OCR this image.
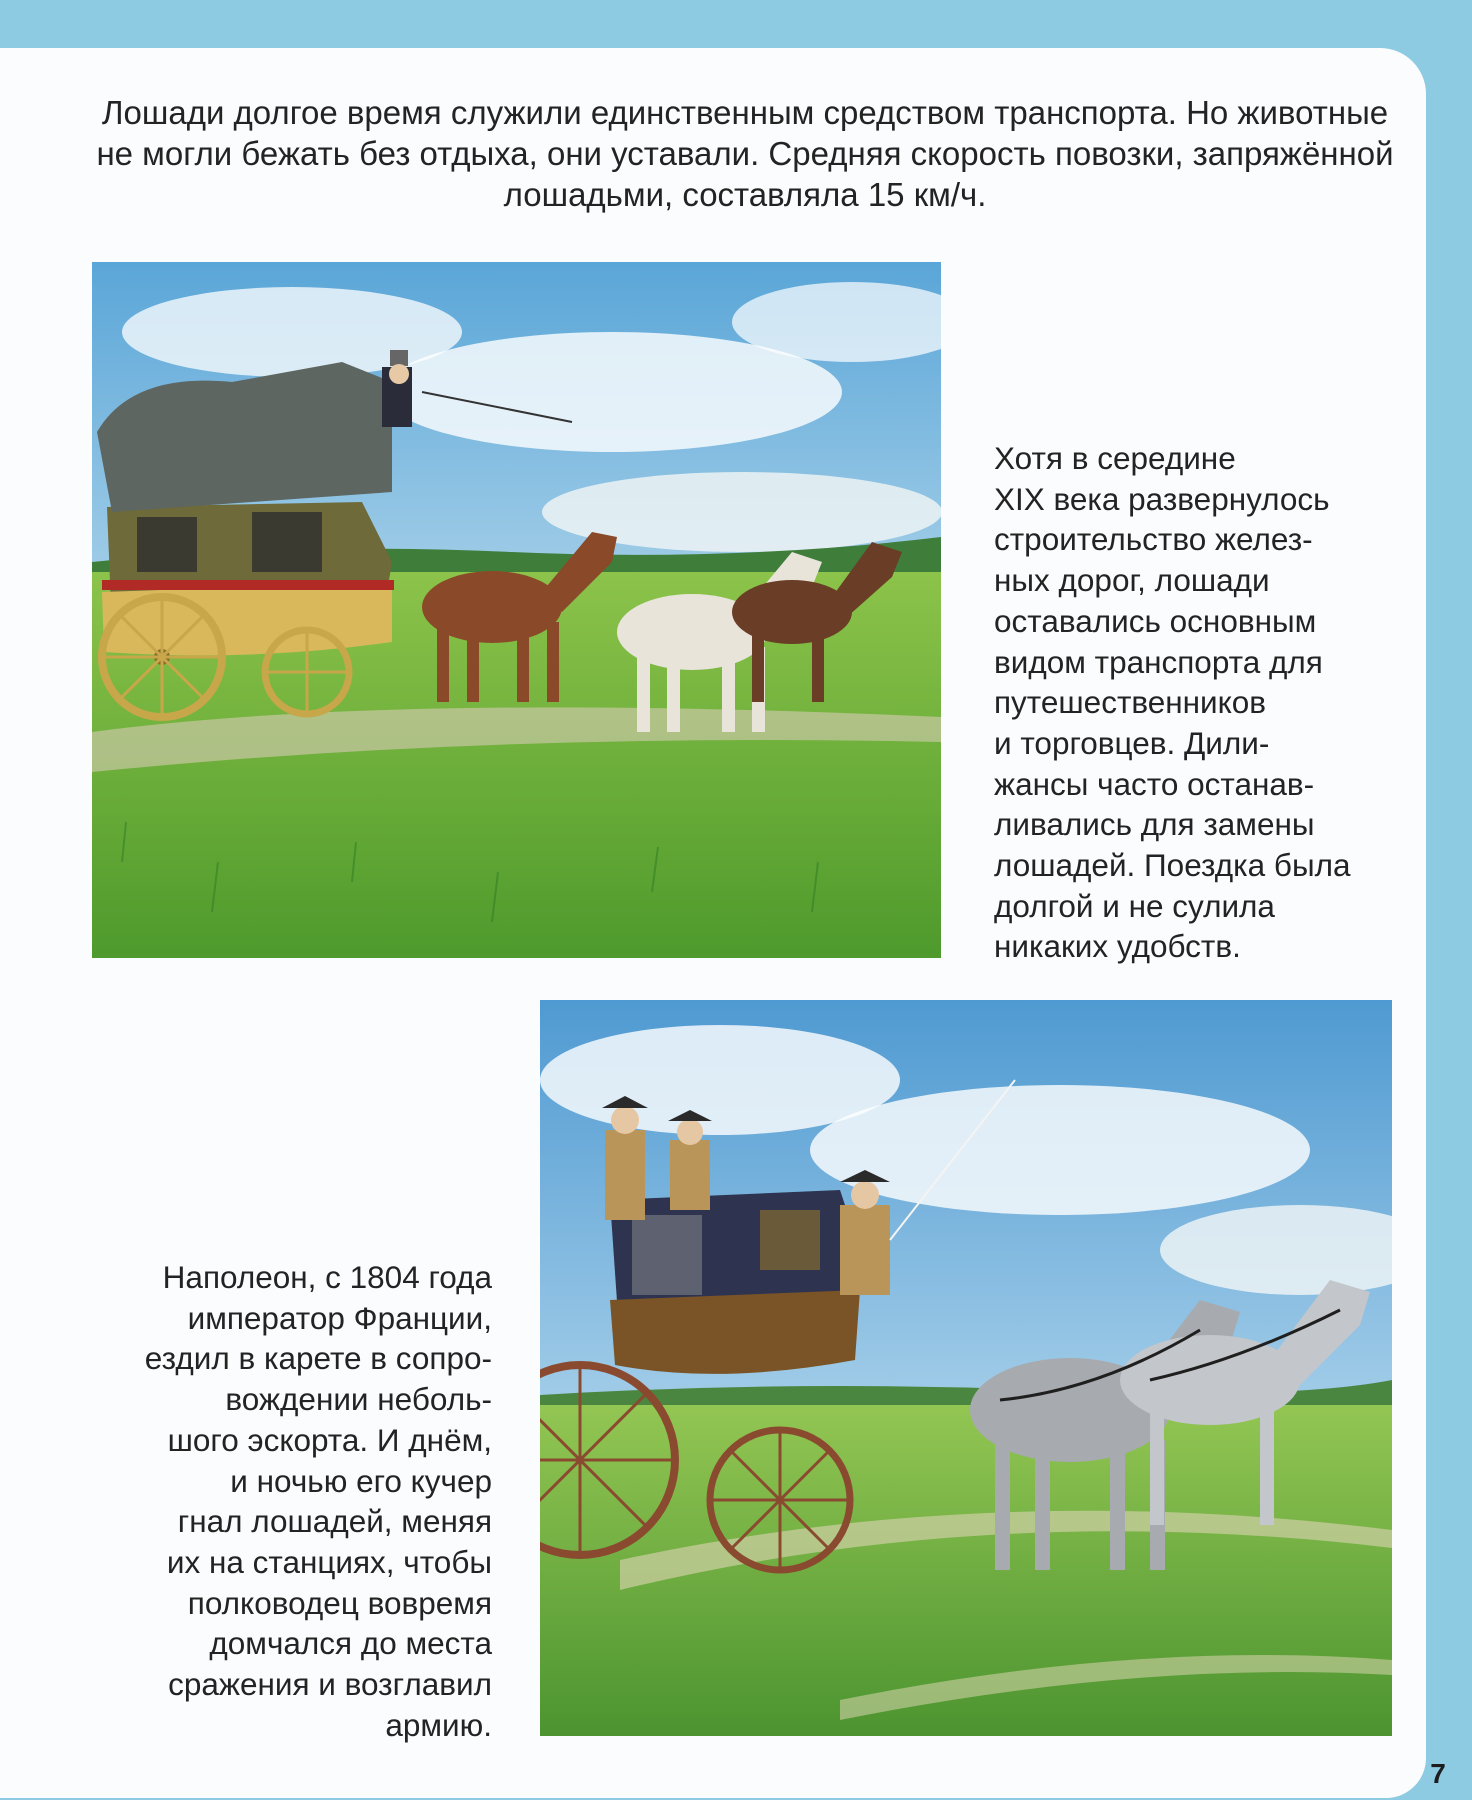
Лошади долгое время служили единственным средством транспорта. Но животные не могли бежать без отдыха, они уставали. Средняя скорость повозки, запряжённой лошадьми, составляла 15 км/ч.

Хотя в середине
XIX века развернулось
строительство желез-
ных дорог, лошади
оставались основным
видом транспорта для
путешественников
и торговцев. Дили-
жансы часто останав-
ливались для замены
лошадей. Поездка была
долгой и не сулила
никаких удобств.

Наполеон, с 1804 года
император Франции,
ездил в карете в сопро-
вождении неболь-
шого эскорта. И днём,
и ночью его кучер
гнал лошадей, меняя
их на станциях, чтобы
полководец вовремя
домчался до места
сражения и возглавил
армию.

7
